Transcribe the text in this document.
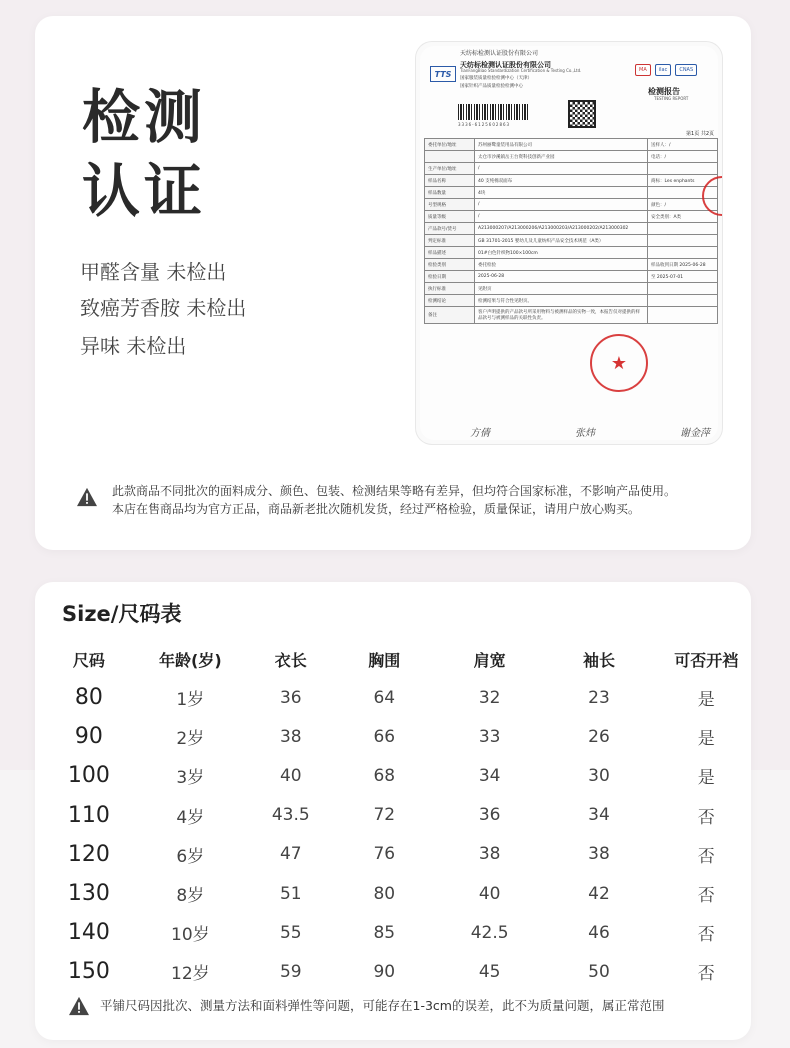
检测
认证
甲醛含量 未检出
致癌芳香胺 未检出
异味 未检出
TTS
天纺标检测认证股份有限公司
天纺标检测认证股份有限公司
TianFangBiao Standardization Certification & Testing Co.,Ltd.
国家服装质量检验检测中心（天津）
国家针织产品质量检验检测中心
MA	ilac	CNAS
检测报告
TESTING REPORT
3336-6125602863
第1页 共2页
委托单位/地址	苏州丽鹭童装用品有限公司	送样人：/
	太仓市沙溪镇岳王台资科技创新产业园	电话：/
生产单位/地址	/	
样品名称	40 支纯棉双面布	商标：Les enphants
样品数量	4块	
号型规格	/	颜色：/
质量等级	/	安全类别：A类
产品款号/货号	A213000207/A213000206/A213000203/A213000202/A213000302	
判定标准	GB 31701-2015 婴幼儿及儿童纺织产品安全技术规范（A类）	
样品描述	01#白色针织物100×100cm	
检验类别	委托检验	样品收到日期 2025-06-28
检验日期	2025-06-28	至 2025-07-01
执行标准	见附页	
检测结论	检测结果与符合性见附页。	
备注	客户声明提供的产品款号所采用物料与被测样品的实物一致，本报告仅对提供的样品款号与被测样品的关联性负责。	
★
方倩	张炜	谢金萍
此款商品不同批次的面料成分、颜色、包装、检测结果等略有差异，但均符合国家标准，不影响产品使用。
本店在售商品均为官方正品，商品新老批次随机发货，经过严格检验，质量保证，请用户放心购买。
Size/尺码表
尺码	年龄(岁)	衣长	胸围	肩宽	袖长	可否开裆
80	1岁	36	64	32	23	是
90	2岁	38	66	33	26	是
100	3岁	40	68	34	30	是
110	4岁	43.5	72	36	34	否
120	6岁	47	76	38	38	否
130	8岁	51	80	40	42	否
140	10岁	55	85	42.5	46	否
150	12岁	59	90	45	50	否
平铺尺码因批次、测量方法和面料弹性等问题，可能存在1-3cm的误差，此不为质量问题，属正常范围
